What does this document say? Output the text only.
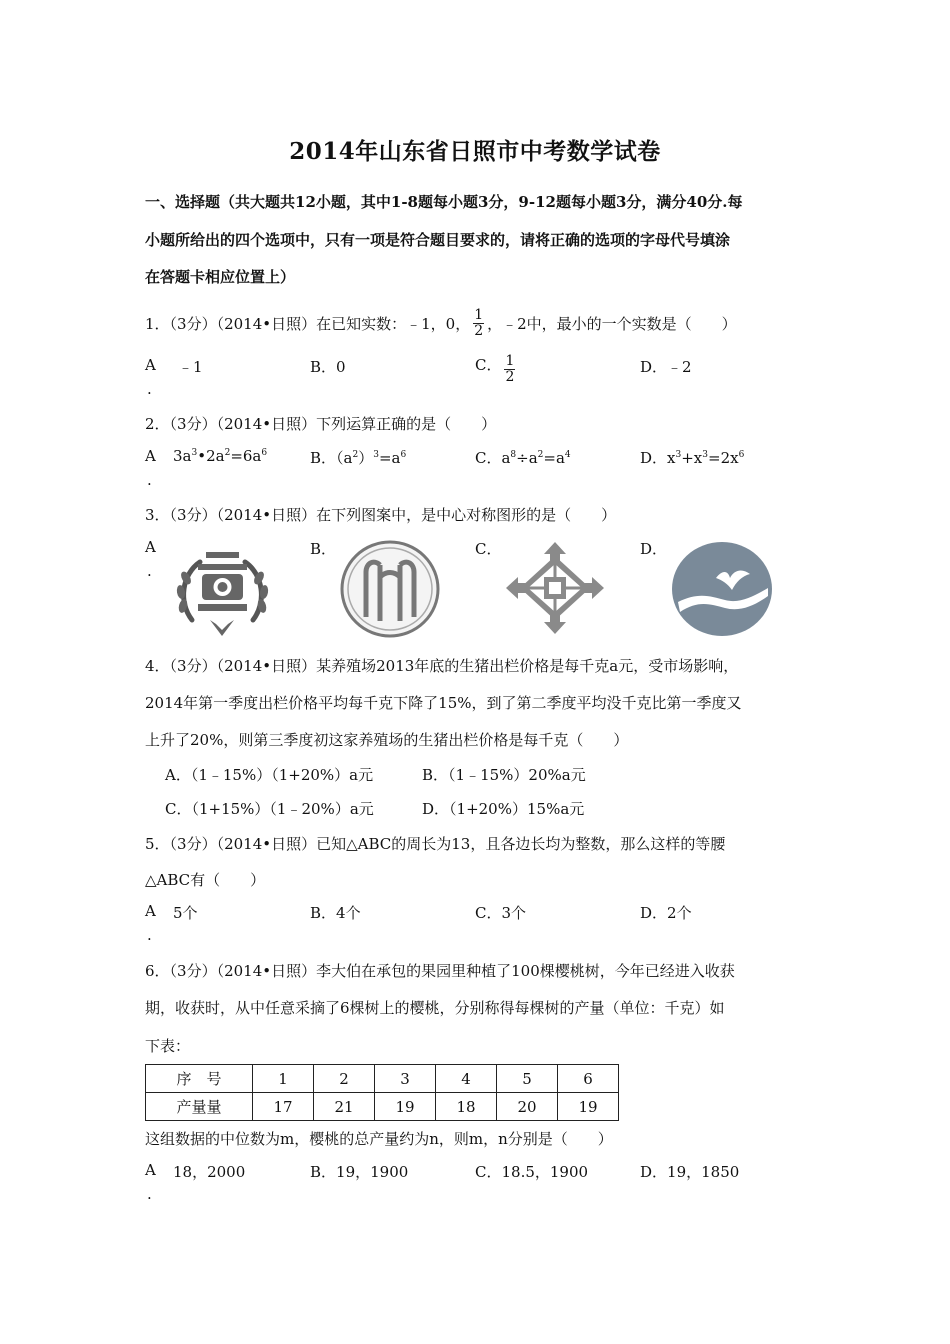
2014年山东省日照市中考数学试卷
一、选择题（共大题共12小题，其中1-8题每小题3分，9-12题每小题3分，满分40分.每
小题所给出的四个选项中，只有一项是符合题目要求的，请将正确的选项的字母代号填涂
在答题卡相应位置上）
1．（3分）（2014•日照）在已知实数：﹣1，0， $\frac{1}{2}$ ，﹣2中，最小的一个实数是（　　）
A
.
﹣1	B．0	C． $\frac{1}{2}$	D．﹣2
2．（3分）（2014•日照）下列运算正确的是（　　）
A
.
$3a^3•2a^2=6a^6$	B．$(a^2)^3=a^6$	C．$a^8\div a^2=a^4$	D．$x^3+x^3=2x^6$
3．（3分）（2014•日照）在下列图案中，是中心对称图形的是（　　）
A
.
B．	C．	D．
4．（3分）（2014•日照）某养殖场2013年底的生猪出栏价格是每千克a元，受市场影响，
2014年第一季度出栏价格平均每千克下降了15%，到了第二季度平均没千克比第一季度又
上升了20%，则第三季度初这家养殖场的生猪出栏价格是每千克（　　）
A．（1﹣15%）（1+20%）a元	B．（1﹣15%）20%a元
C．（1+15%）（1﹣20%）a元	D．（1+20%）15%a元
5．（3分）（2014•日照）已知△ABC的周长为13，且各边长均为整数，那么这样的等腰
△ABC有（　　）
A
.
5个	B．4个	C．3个	D．2个
6．（3分）（2014•日照）李大伯在承包的果园里种植了100棵樱桃树，今年已经进入收获
期，收获时，从中任意采摘了6棵树上的樱桃，分别称得每棵树的产量（单位：千克）如
下表：
序　号	1	2	3	4	5	6
产量量	17	21	19	18	20	19
这组数据的中位数为m，樱桃的总产量约为n，则m，n分别是（　　）
A
.
18，2000	B．19，1900	C．18.5，1900	D．19，1850
